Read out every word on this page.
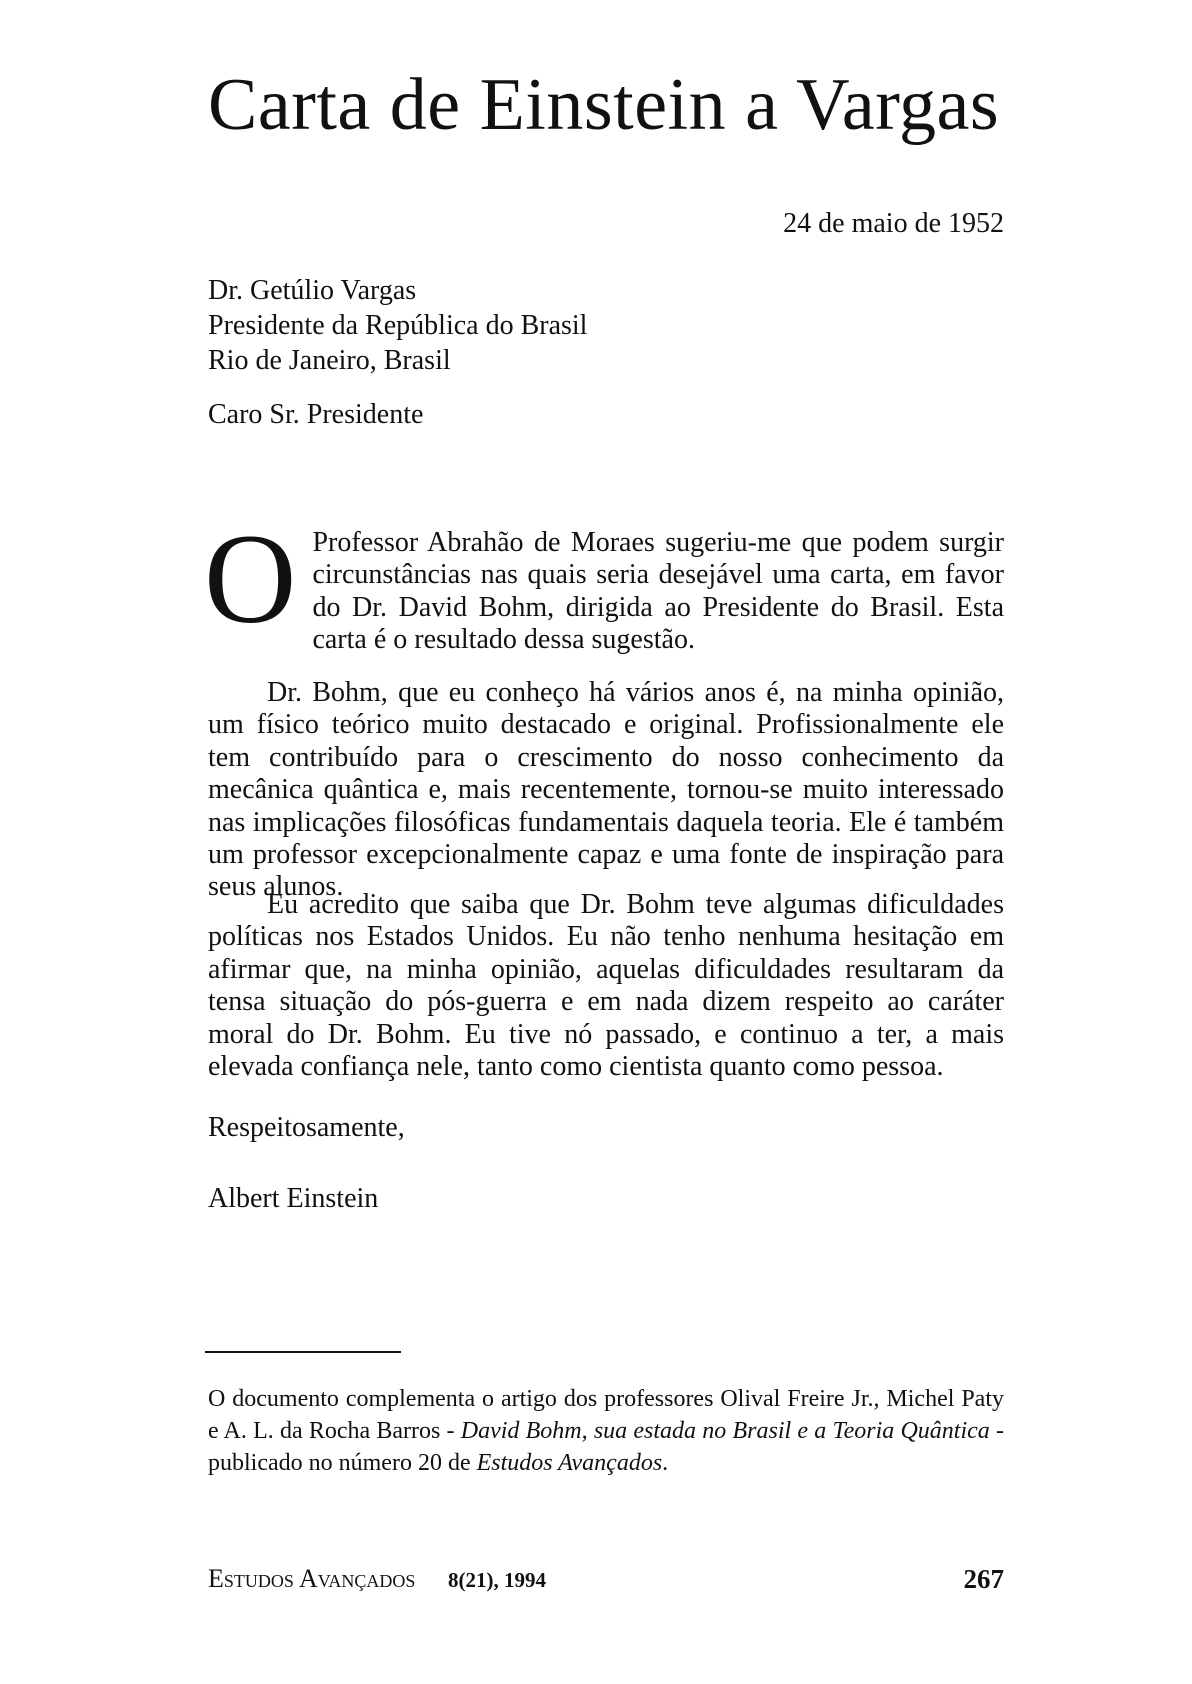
Carta de Einstein a Vargas
24 de maio de 1952
Dr. Getúlio Vargas
Presidente da República do Brasil
Rio de Janeiro, Brasil
Caro Sr. Presidente
O Professor Abrahão de Moraes sugeriu-me que podem surgir circunstâncias nas quais seria desejável uma carta, em favor do Dr. David Bohm, dirigida ao Presidente do Brasil. Esta carta é o resultado dessa sugestão.
Dr. Bohm, que eu conheço há vários anos é, na minha opinião, um físico teórico muito destacado e original. Profissionalmente ele tem contribuído para o crescimento do nosso conhecimento da mecânica quântica e, mais recentemente, tornou-se muito interessado nas implicações filosóficas fundamentais daquela teoria. Ele é também um professor excepcionalmente capaz e uma fonte de inspiração para seus alunos.
Eu acredito que saiba que Dr. Bohm teve algumas dificuldades políticas nos Estados Unidos. Eu não tenho nenhuma hesitação em afirmar que, na minha opinião, aquelas dificuldades resultaram da tensa situação do pós-guerra e em nada dizem respeito ao caráter moral do Dr. Bohm. Eu tive nó passado, e continuo a ter, a mais elevada confiança nele, tanto como cientista quanto como pessoa.
Respeitosamente,
Albert Einstein
O documento complementa o artigo dos professores Olival Freire Jr., Michel Paty e A. L. da Rocha Barros - David Bohm, sua estada no Brasil e a Teoria Quântica - publicado no número 20 de Estudos Avançados.
Estudos Avançados 8(21), 1994	267
